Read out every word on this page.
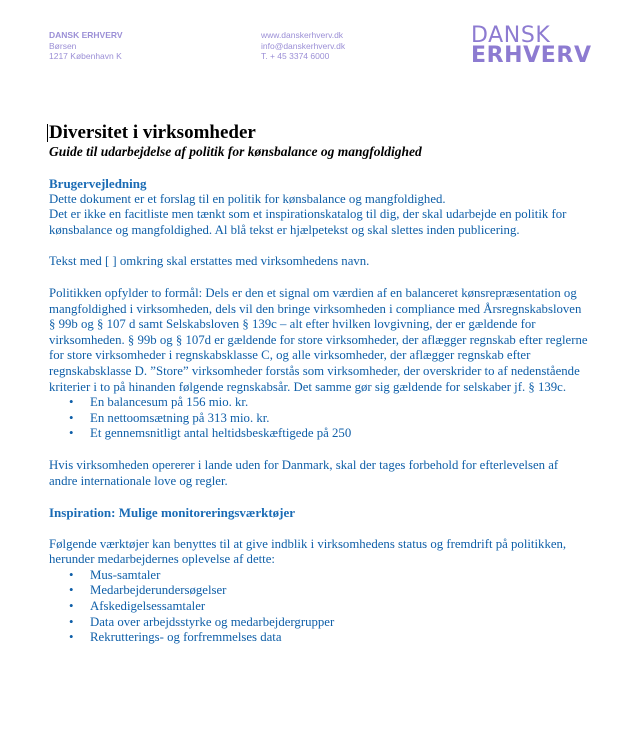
DANSK ERHVERV
Børsen
1217 København K
www.danskerhverv.dk
info@danskerhverv.dk
T. + 45 3374 6000
DANSK
ERHVERV
Diversitet i virksomheder
Guide til udarbejdelse af politik for kønsbalance og mangfoldighed
Brugervejledning

Dette dokument er et forslag til en politik for kønsbalance og mangfoldighed.

Det er ikke en facitliste men tænkt som et inspirationskatalog til dig, der skal udarbejde en politik for kønsbalance og mangfoldighed. Al blå tekst er hjælpetekst og skal slettes inden publicering.

Tekst med [ ] omkring skal erstattes med virksomhedens navn.

Politikken opfylder to formål: Dels er den et signal om værdien af en balanceret kønsrepræsentation og mangfoldighed i virksomheden, dels vil den bringe virksomheden i compliance med Årsregnskabsloven § 99b og § 107 d samt Selskabsloven § 139c – alt efter hvilken lovgivning, der er gældende for virksomheden. § 99b og § 107d er gældende for store virksomheder, der aflægger regnskab efter reglerne for store virksomheder i regnskabsklasse C, og alle virksomheder, der aflægger regnskab efter regnskabsklasse D. ”Store” virksomheder forstås som virksomheder, der overskrider to af nedenstående kriterier i to på hinanden følgende regnskabsår. Det samme gør sig gældende for selskaber jf. § 139c.

• En balancesum på 156 mio. kr.
• En nettoomsætning på 313 mio. kr.
• Et gennemsnitligt antal heltidsbeskæftigede på 250

Hvis virksomheden opererer i lande uden for Danmark, skal der tages forbehold for efterlevelsen af andre internationale love og regler.

Inspiration: Mulige monitoreringsværktøjer

Følgende værktøjer kan benyttes til at give indblik i virksomhedens status og fremdrift på politikken, herunder medarbejdernes oplevelse af dette:

• Mus-samtaler
• Medarbejderundersøgelser
• Afskedigelsessamtaler
• Data over arbejdsstyrke og medarbejdergrupper
• Rekrutterings- og forfremmelses data
